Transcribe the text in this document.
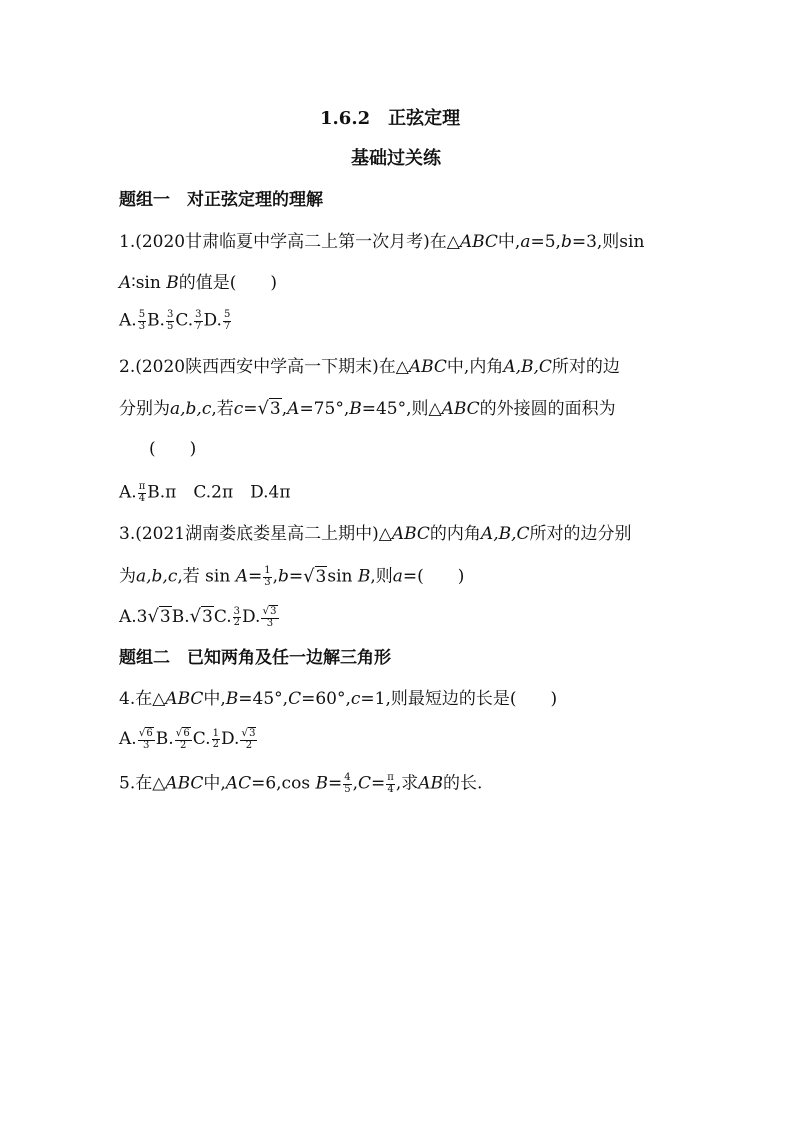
1.6.2　正弦定理
基础过关练
题组一　对正弦定理的理解
1.(2020甘肃临夏中学高二上第一次月考)在△ABC中,a=5,b=3,则sin
A∶sin B的值是(　　)
A. $\frac{5}{3} B$. $\frac{3}{5} C$. $\frac{3}{7} D$. $\frac{5}{7}$
2.(2020陕西西安中学高一下期末)在△ABC中,内角A,B,C所对的边
分别为a,b,c,若c=√3,A=75°,B=45°,则△ABC的外接圆的面积为
(　　)
A. $\frac{\pi}{4} B.\pi$　C.2π　D.4π
3.(2021湖南娄底娄星高二上期中)△ABC的内角A,B,C所对的边分别
为a,b,c,若 $\sin A= \frac{1}{3} ,b=√3\sin$ B,则a=(　　)
A.3√3B.√3C. $\frac{3}{2} D$. $\frac{√3}{3}$
题组二　已知两角及任一边解三角形
4.在△ABC中,B=45°,C=60°,c=1,则最短边的长是(　　)
A. $\frac{√6}{3} B$. $\frac{√6}{2} C$. $\frac{1}{2} D$. $\frac{√3}{2}$
5.在△ABC中,AC=6,cos $B= \frac{4}{5} ,C= \frac{\pi}{4}$ ,求AB的长.
